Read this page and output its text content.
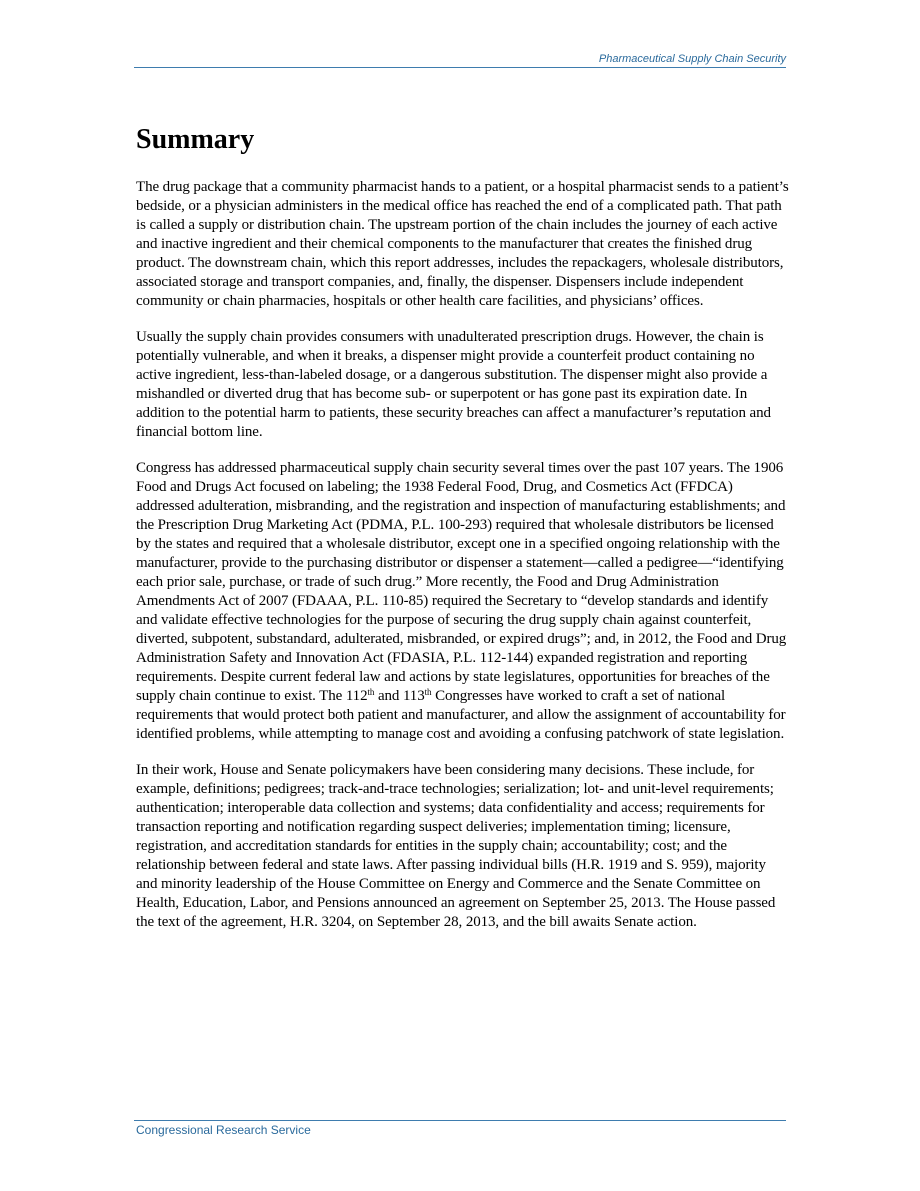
Pharmaceutical Supply Chain Security
Summary

The drug package that a community pharmacist hands to a patient, or a hospital pharmacist sends to a patient’s bedside, or a physician administers in the medical office has reached the end of a complicated path. That path is called a supply or distribution chain. The upstream portion of the chain includes the journey of each active and inactive ingredient and their chemical components to the manufacturer that creates the finished drug product. The downstream chain, which this report addresses, includes the repackagers, wholesale distributors, associated storage and transport companies, and, finally, the dispenser. Dispensers include independent community or chain pharmacies, hospitals or other health care facilities, and physicians’ offices.

Usually the supply chain provides consumers with unadulterated prescription drugs. However, the chain is potentially vulnerable, and when it breaks, a dispenser might provide a counterfeit product containing no active ingredient, less-than-labeled dosage, or a dangerous substitution. The dispenser might also provide a mishandled or diverted drug that has become sub- or superpotent or has gone past its expiration date. In addition to the potential harm to patients, these security breaches can affect a manufacturer’s reputation and financial bottom line.

Congress has addressed pharmaceutical supply chain security several times over the past 107 years. The 1906 Food and Drugs Act focused on labeling; the 1938 Federal Food, Drug, and Cosmetics Act (FFDCA) addressed adulteration, misbranding, and the registration and inspection of manufacturing establishments; and the Prescription Drug Marketing Act (PDMA, P.L. 100-293) required that wholesale distributors be licensed by the states and required that a wholesale distributor, except one in a specified ongoing relationship with the manufacturer, provide to the purchasing distributor or dispenser a statement—called a pedigree—“identifying each prior sale, purchase, or trade of such drug.” More recently, the Food and Drug Administration Amendments Act of 2007 (FDAAA, P.L. 110-85) required the Secretary to “develop standards and identify and validate effective technologies for the purpose of securing the drug supply chain against counterfeit, diverted, subpotent, substandard, adulterated, misbranded, or expired drugs”; and, in 2012, the Food and Drug Administration Safety and Innovation Act (FDASIA, P.L. 112-144) expanded registration and reporting requirements. Despite current federal law and actions by state legislatures, opportunities for breaches of the supply chain continue to exist. The 112th and 113th Congresses have worked to craft a set of national requirements that would protect both patient and manufacturer, and allow the assignment of accountability for identified problems, while attempting to manage cost and avoiding a confusing patchwork of state legislation.

In their work, House and Senate policymakers have been considering many decisions. These include, for example, definitions; pedigrees; track-and-trace technologies; serialization; lot- and unit-level requirements; authentication; interoperable data collection and systems; data confidentiality and access; requirements for transaction reporting and notification regarding suspect deliveries; implementation timing; licensure, registration, and accreditation standards for entities in the supply chain; accountability; cost; and the relationship between federal and state laws. After passing individual bills (H.R. 1919 and S. 959), majority and minority leadership of the House Committee on Energy and Commerce and the Senate Committee on Health, Education, Labor, and Pensions announced an agreement on September 25, 2013. The House passed the text of the agreement, H.R. 3204, on September 28, 2013, and the bill awaits Senate action.

Congressional Research Service
